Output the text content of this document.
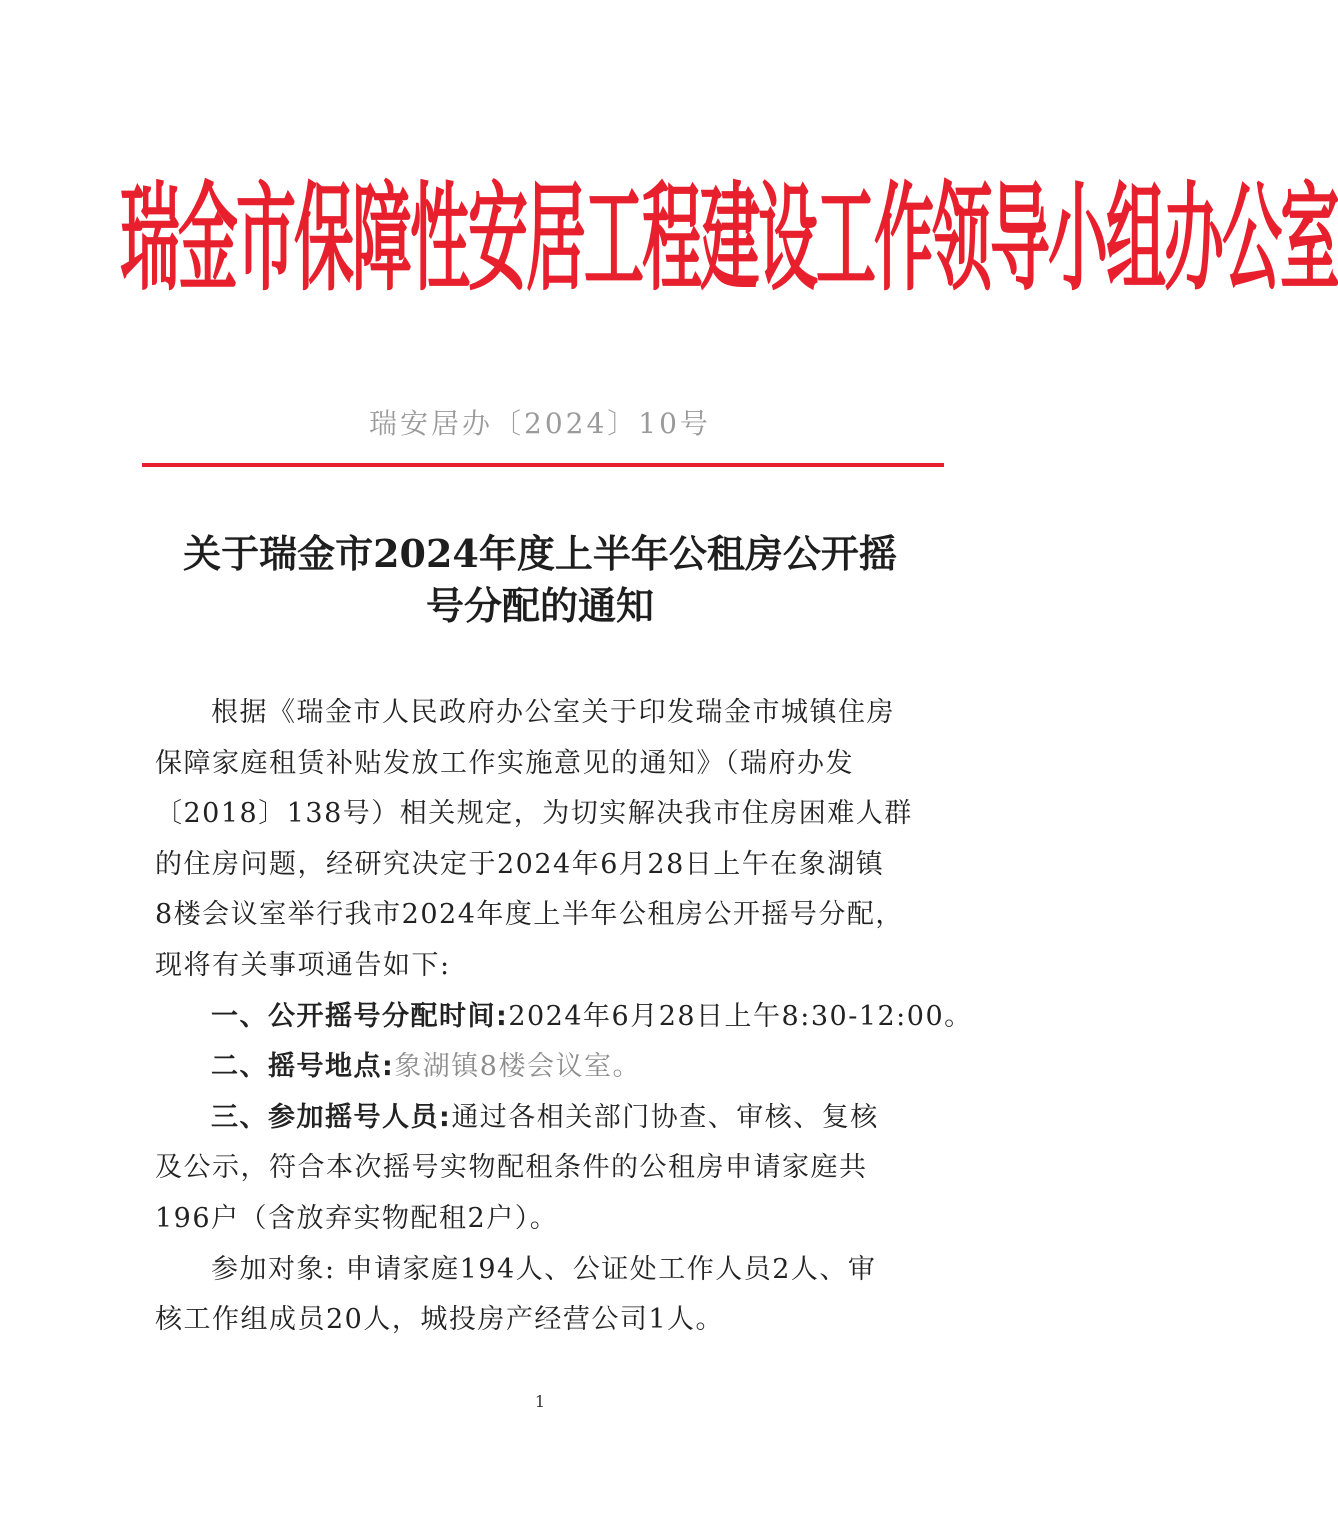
瑞金市保障性安居工程建设工作领导小组办公室
瑞安居办〔2024〕10号
关于瑞金市2024年度上半年公租房公开摇
号分配的通知
根据《瑞金市人民政府办公室关于印发瑞金市城镇住房
保障家庭租赁补贴发放工作实施意见的通知》（瑞府办发
〔2018〕138号）相关规定，为切实解决我市住房困难人群
的住房问题，经研究决定于2024年6月28日上午在象湖镇
8楼会议室举行我市2024年度上半年公租房公开摇号分配，
现将有关事项通告如下:
一、公开摇号分配时间:2024年6月28日上午8:30-12:00。
二、摇号地点:象湖镇8楼会议室。
三、参加摇号人员:通过各相关部门协查、审核、复核
及公示，符合本次摇号实物配租条件的公租房申请家庭共
196户（含放弃实物配租2户）。
参加对象: 申请家庭194人、公证处工作人员2人、审
核工作组成员20人，城投房产经营公司1人。
1
